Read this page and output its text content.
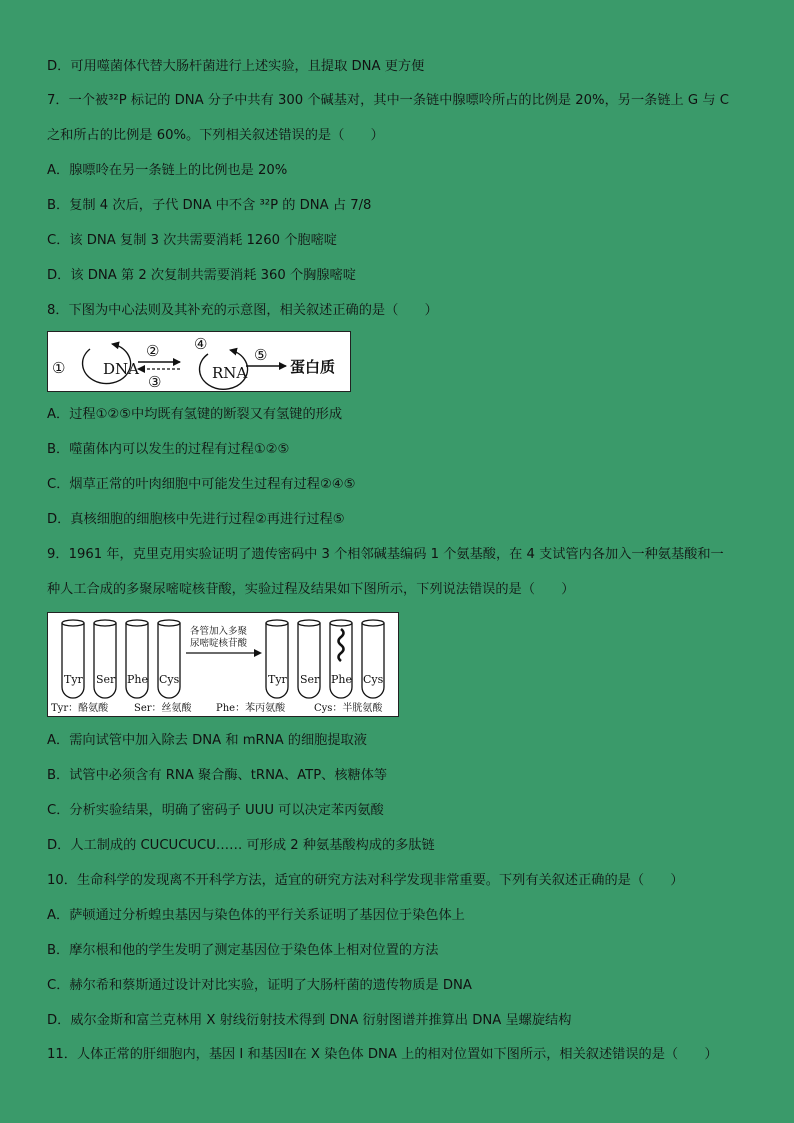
D．可用噬菌体代替大肠杆菌进行上述实验，且提取 DNA 更方便
7．一个被³²P 标记的 DNA 分子中共有 300 个碱基对，其中一条链中腺嘌呤所占的比例是 20%，另一条链上 G 与 C
之和所占的比例是 60%。下列相关叙述错误的是（　　）
A．腺嘌呤在另一条链上的比例也是 20%
B．复制 4 次后，子代 DNA 中不含 ³²P 的 DNA 占 7/8
C．该 DNA 复制 3 次共需要消耗 1260 个胞嘧啶
D．该 DNA 第 2 次复制共需要消耗 360 个胸腺嘧啶
8．下图为中心法则及其补充的示意图，相关叙述正确的是（　　）
①	DNA
②
③
④
RNA
⑤
蛋白质
A．过程①②⑤中均既有氢键的断裂又有氢键的形成
B．噬菌体内可以发生的过程有过程①②⑤
C．烟草正常的叶肉细胞中可能发生过程有过程②④⑤
D．真核细胞的细胞核中先进行过程②再进行过程⑤
9．1961 年，克里克用实验证明了遗传密码中 3 个相邻碱基编码 1 个氨基酸，在 4 支试管内各加入一种氨基酸和一
种人工合成的多聚尿嘧啶核苷酸，实验过程及结果如下图所示，下列说法错误的是（　　）
Tyr Ser Phe Cys
各管加入多聚
尿嘧啶核苷酸
Tyr Ser Phe Cys
Tyr：酪氨酸	Ser：丝氨酸 Phe：苯丙氨酸	Cys：半胱氨酸
A．需向试管中加入除去 DNA 和 mRNA 的细胞提取液
B．试管中必须含有 RNA 聚合酶、tRNA、ATP、核糖体等
C．分析实验结果，明确了密码子 UUU 可以决定苯丙氨酸
D．人工制成的 CUCUCUCU…… 可形成 2 种氨基酸构成的多肽链
10．生命科学的发现离不开科学方法，适宜的研究方法对科学发现非常重要。下列有关叙述正确的是（　　）
A．萨顿通过分析蝗虫基因与染色体的平行关系证明了基因位于染色体上
B．摩尔根和他的学生发明了测定基因位于染色体上相对位置的方法
C．赫尔希和蔡斯通过设计对比实验，证明了大肠杆菌的遗传物质是 DNA
D．威尔金斯和富兰克林用 X 射线衍射技术得到 DNA 衍射图谱并推算出 DNA 呈螺旋结构
11．人体正常的肝细胞内，基因 I 和基因Ⅱ在 X 染色体 DNA 上的相对位置如下图所示，相关叙述错误的是（　　）
